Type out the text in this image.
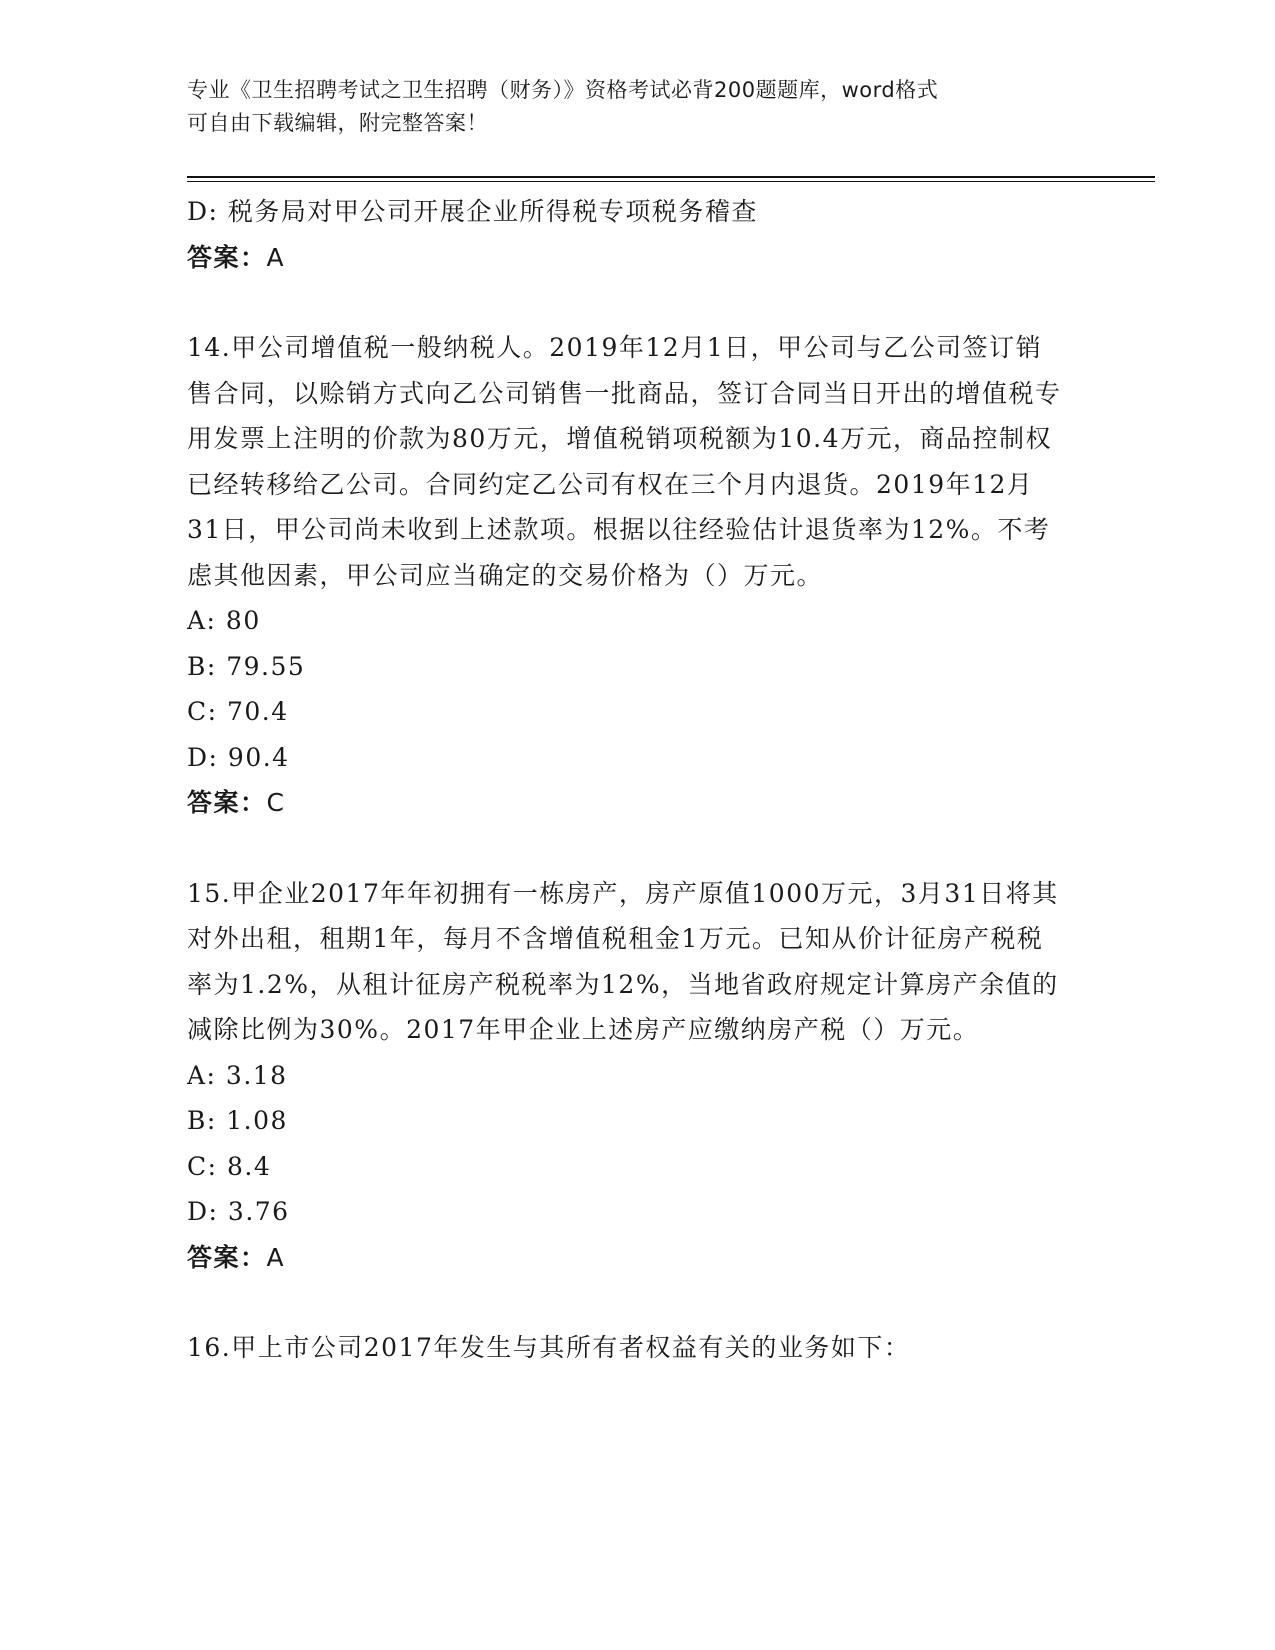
专业《卫生招聘考试之卫生招聘（财务）》资格考试必背200题题库，word格式
可自由下载编辑，附完整答案！
D: 税务局对甲公司开展企业所得税专项税务稽查
答案：A
14.甲公司增值税一般纳税人。2019年12月1日，甲公司与乙公司签订销售合同，以赊销方式向乙公司销售一批商品，签订合同当日开出的增值税专用发票上注明的价款为80万元，增值税销项税额为10.4万元，商品控制权已经转移给乙公司。合同约定乙公司有权在三个月内退货。2019年12月31日，甲公司尚未收到上述款项。根据以往经验估计退货率为12%。不考虑其他因素，甲公司应当确定的交易价格为（）万元。
A: 80
B: 79.55
C: 70.4
D: 90.4
答案：C
15.甲企业2017年年初拥有一栋房产，房产原值1000万元，3月31日将其对外出租，租期1年，每月不含增值税租金1万元。已知从价计征房产税税率为1.2%，从租计征房产税税率为12%，当地省政府规定计算房产余值的减除比例为30%。2017年甲企业上述房产应缴纳房产税（）万元。
A: 3.18
B: 1.08
C: 8.4
D: 3.76
答案：A
16.甲上市公司2017年发生与其所有者权益有关的业务如下：
